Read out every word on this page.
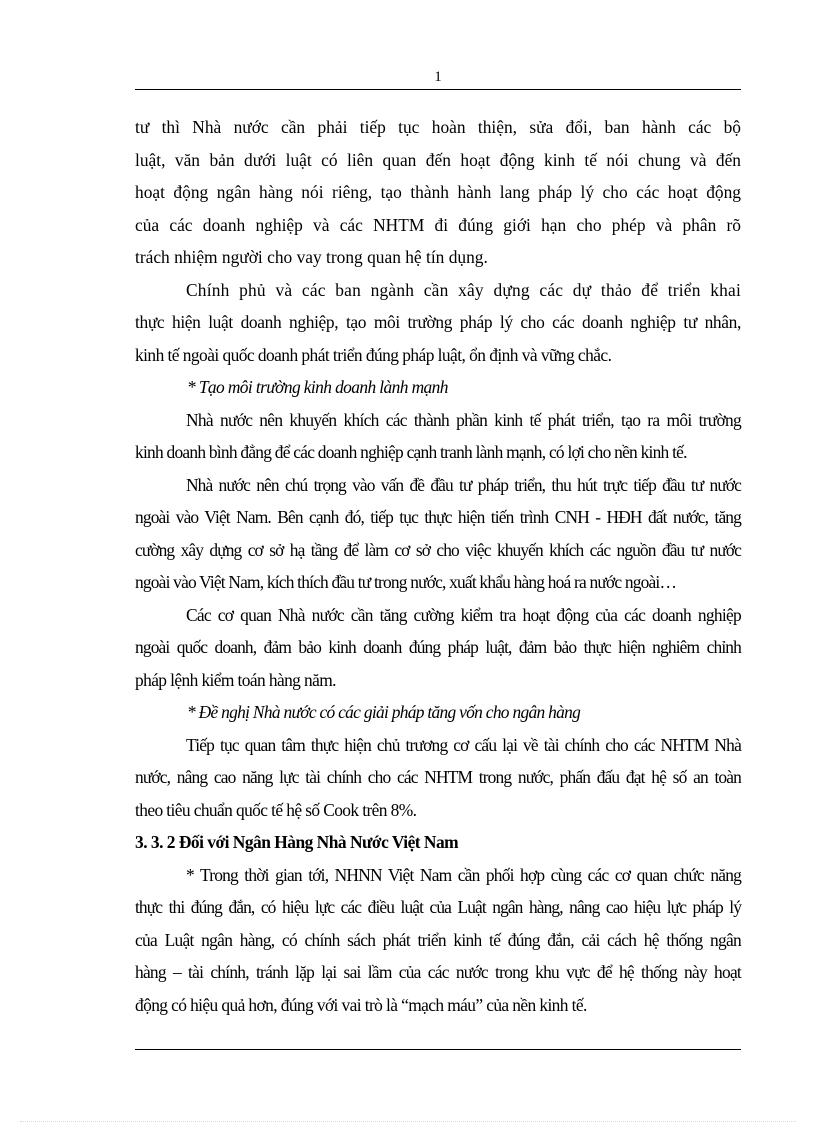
1
tư thì Nhà nước cần phải tiếp tục hoàn thiện, sửa đổi, ban hành các bộ
luật, văn bản dưới luật có liên quan đến hoạt động kinh tế nói chung và đến
hoạt động ngân hàng nói riêng, tạo thành hành lang pháp lý cho các hoạt động
của các doanh nghiệp và các NHTM đi đúng giới hạn cho phép và phân rõ
trách nhiệm người cho vay trong quan hệ tín dụng.
Chính phủ và các ban ngành cần xây dựng các dự thảo để triển khai
thực hiện luật doanh nghiệp, tạo môi trường pháp lý cho các doanh nghiệp tư nhân,
kinh tế ngoài quốc doanh phát triển đúng pháp luật, ổn định và vững chắc.
* Tạo môi trường kinh doanh lành mạnh
Nhà nước nên khuyến khích các thành phần kinh tế phát triển, tạo ra môi trường
kinh doanh bình đẳng để các doanh nghiệp cạnh tranh lành mạnh, có lợi cho nền kinh tế.
Nhà nước nên chú trọng vào vấn đề đầu tư pháp triển, thu hút trực tiếp đầu tư nước
ngoài vào Việt Nam. Bên cạnh đó, tiếp tục thực hiện tiến trình CNH - HĐH đất nước, tăng
cường xây dựng cơ sở hạ tầng để làm cơ sở cho việc khuyến khích các nguồn đầu tư nước
ngoài vào Việt Nam, kích thích đầu tư trong nước, xuất khẩu hàng hoá ra nước ngoài…
Các cơ quan Nhà nước cần tăng cường kiểm tra hoạt động của các doanh nghiệp
ngoài quốc doanh, đảm bảo kinh doanh đúng pháp luật, đảm bảo thực hiện nghiêm chỉnh
pháp lệnh kiểm toán hàng năm.
* Đề nghị Nhà nước có các giải pháp tăng vốn cho ngân hàng
Tiếp tục quan tâm thực hiện chủ trương cơ cấu lại về tài chính cho các NHTM Nhà
nước, nâng cao năng lực tài chính cho các NHTM trong nước, phấn đấu đạt hệ số an toàn
theo tiêu chuẩn quốc tế hệ số Cook trên 8%.
3. 3. 2 Đối với Ngân Hàng Nhà Nước Việt Nam
* Trong thời gian tới, NHNN Việt Nam cần phối hợp cùng các cơ quan chức năng
thực thi đúng đắn, có hiệu lực các điều luật của Luật ngân hàng, nâng cao hiệu lực pháp lý
của Luật ngân hàng, có chính sách phát triển kinh tế đúng đắn, cải cách hệ thống ngân
hàng – tài chính, tránh lặp lại sai lầm của các nước trong khu vực để hệ thống này hoạt
động có hiệu quả hơn, đúng với vai trò là “mạch máu” của nền kinh tế.
